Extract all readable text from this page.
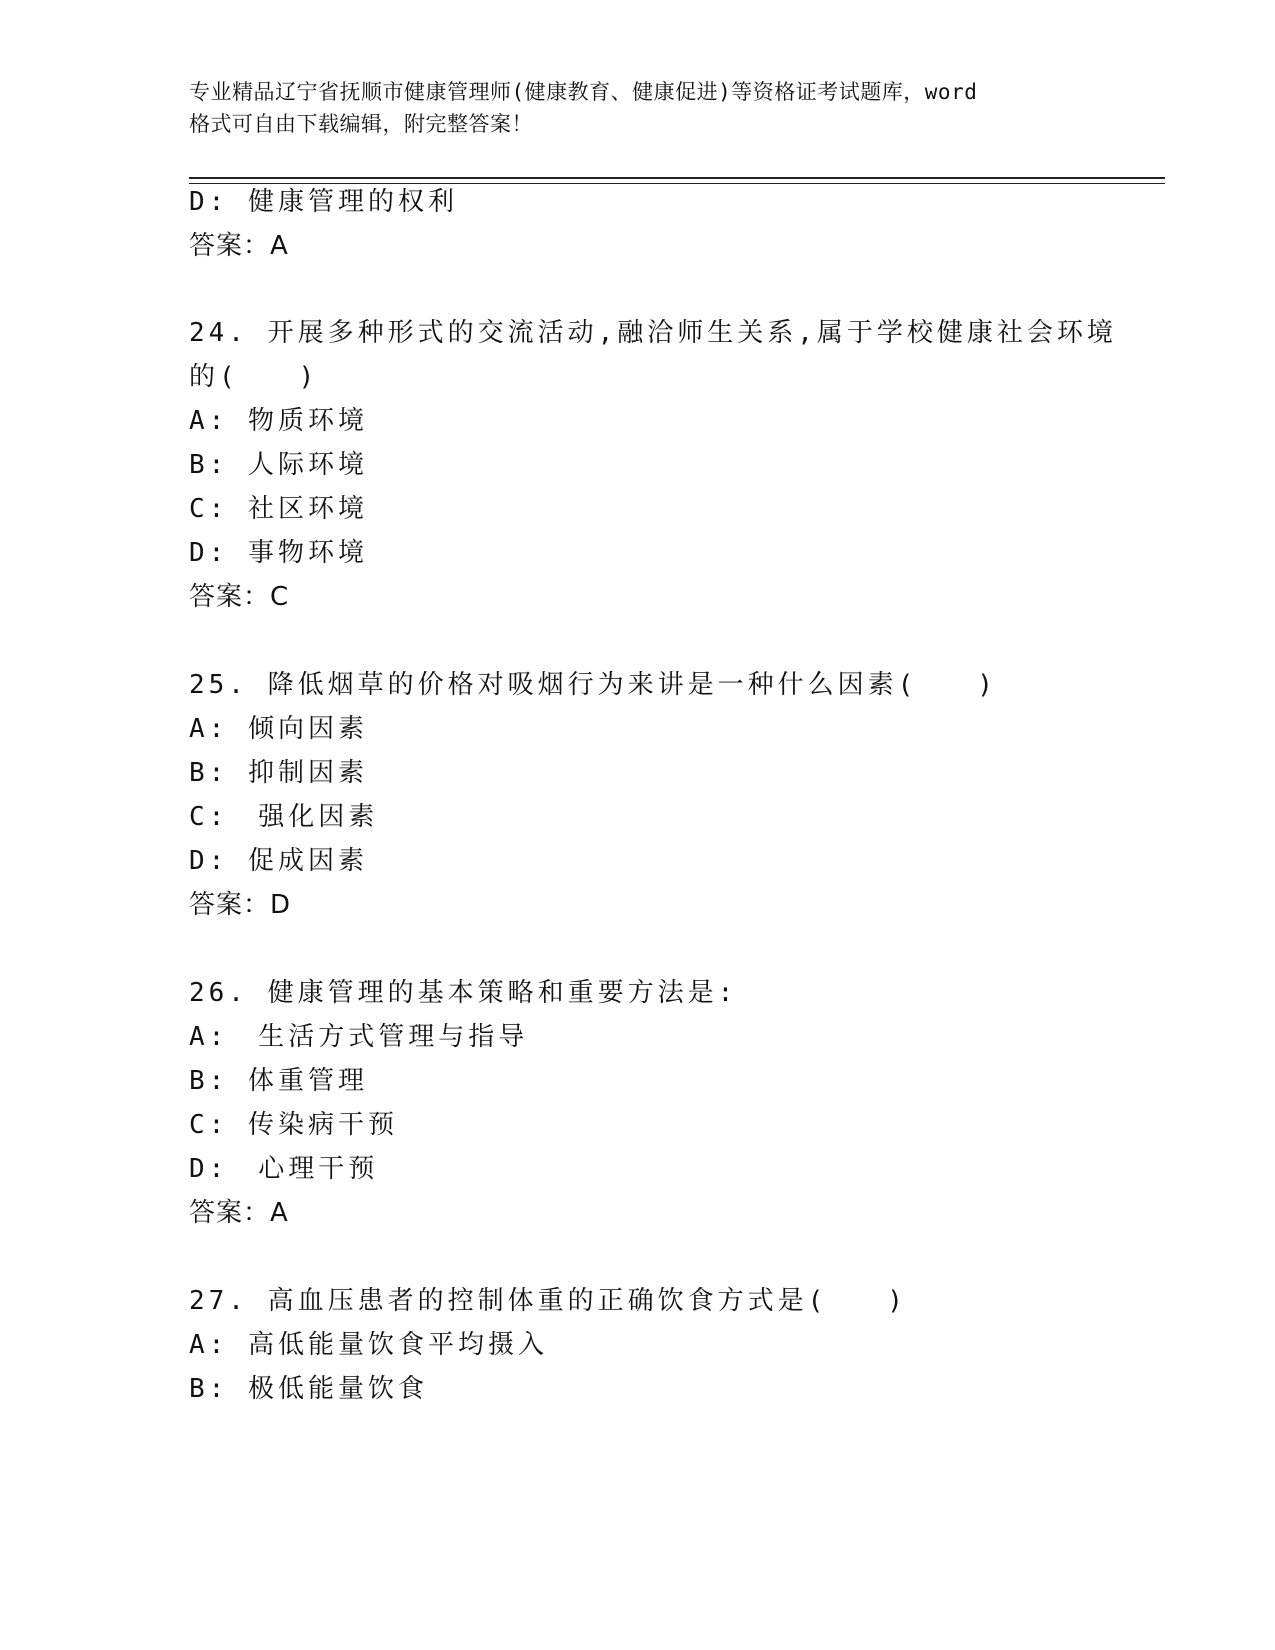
专业精品辽宁省抚顺市健康管理师(健康教育、健康促进)等资格证考试题库，word
格式可自由下载编辑，附完整答案！
D: 健康管理的权利
答案：A
24. 开展多种形式的交流活动,融洽师生关系,属于学校健康社会环境
的(　　)
A: 物质环境
B: 人际环境
C: 社区环境
D: 事物环境
答案：C
25. 降低烟草的价格对吸烟行为来讲是一种什么因素(　　)
A: 倾向因素
B: 抑制因素
C:　强化因素
D: 促成因素
答案：D
26. 健康管理的基本策略和重要方法是:
A:　生活方式管理与指导
B: 体重管理
C: 传染病干预
D:　心理干预
答案：A
27. 高血压患者的控制体重的正确饮食方式是(　　)
A: 高低能量饮食平均摄入
B: 极低能量饮食
